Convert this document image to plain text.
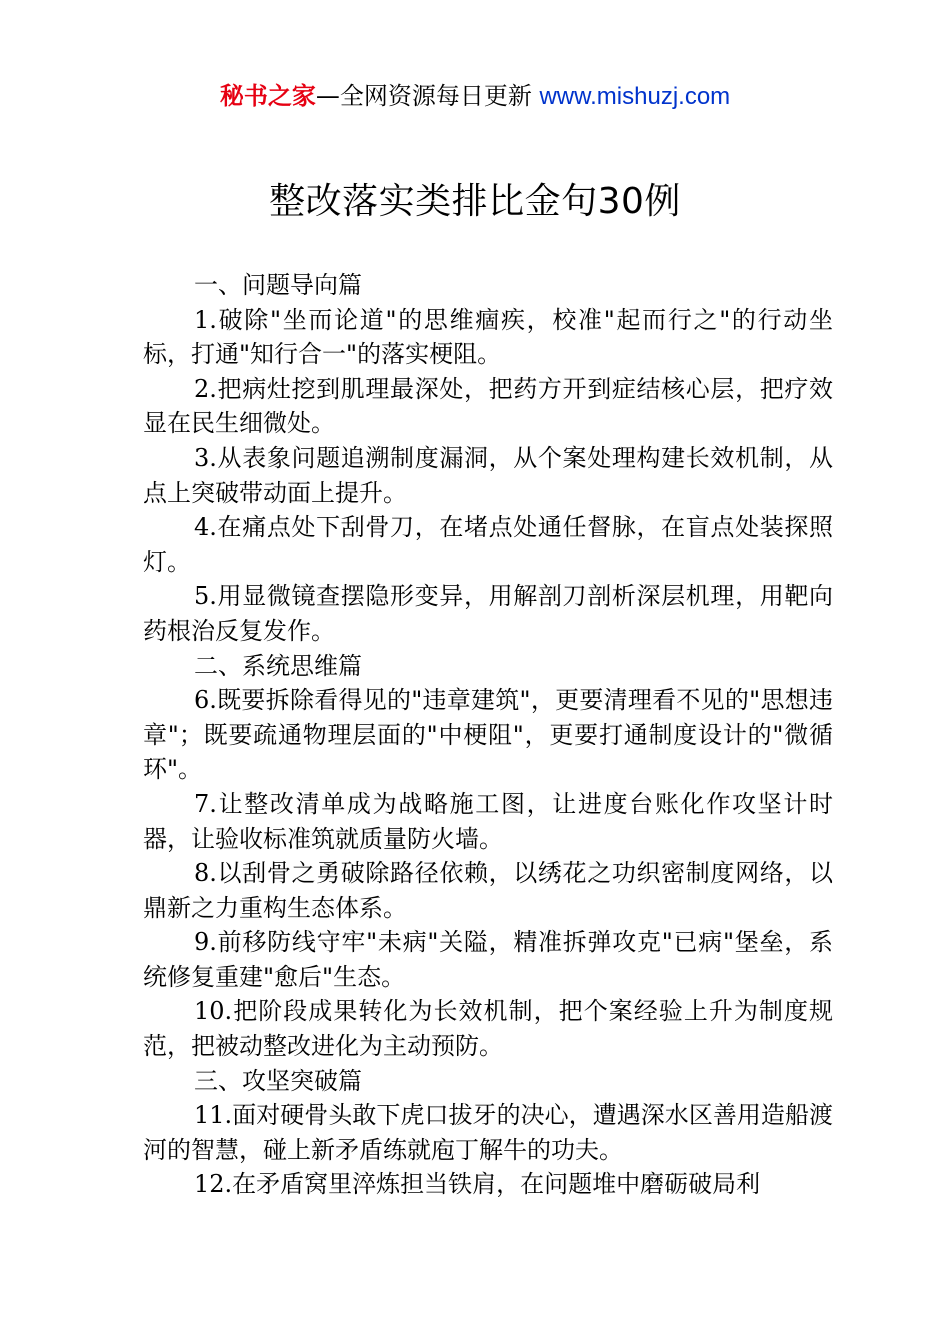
秘书之家—全网资源每日更新 www.mishuzj.com
整改落实类排比金句30例

一、问题导向篇

1.破除"坐而论道"的思维痼疾，校准"起而行之"的行动坐标，打通"知行合一"的落实梗阻。

2.把病灶挖到肌理最深处，把药方开到症结核心层，把疗效显在民生细微处。

3.从表象问题追溯制度漏洞，从个案处理构建长效机制，从点上突破带动面上提升。

4.在痛点处下刮骨刀，在堵点处通任督脉，在盲点处装探照灯。

5.用显微镜查摆隐形变异，用解剖刀剖析深层机理，用靶向药根治反复发作。

二、系统思维篇

6.既要拆除看得见的"违章建筑"，更要清理看不见的"思想违章"；既要疏通物理层面的"中梗阻"，更要打通制度设计的"微循环"。

7.让整改清单成为战略施工图，让进度台账化作攻坚计时器，让验收标准筑就质量防火墙。

8.以刮骨之勇破除路径依赖，以绣花之功织密制度网络，以鼎新之力重构生态体系。

9.前移防线守牢"未病"关隘，精准拆弹攻克"已病"堡垒，系统修复重建"愈后"生态。

10.把阶段成果转化为长效机制，把个案经验上升为制度规范，把被动整改进化为主动预防。

三、攻坚突破篇

11.面对硬骨头敢下虎口拔牙的决心，遭遇深水区善用造船渡河的智慧，碰上新矛盾练就庖丁解牛的功夫。

12.在矛盾窝里淬炼担当铁肩，在问题堆中磨砺破局利
